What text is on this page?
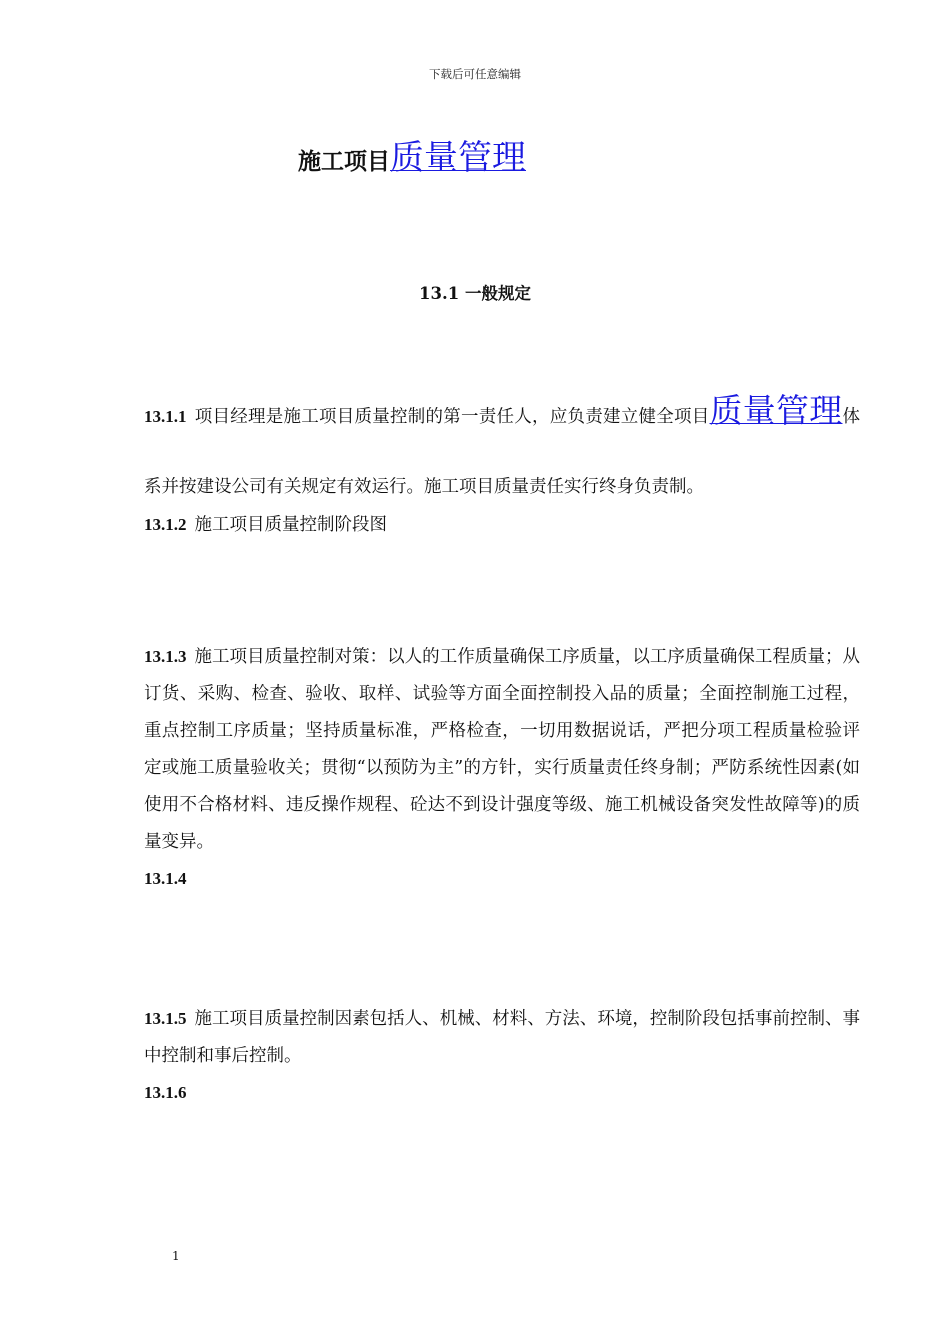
下载后可任意编辑
施工项目质量管理
13.1 一般规定
13.1.1 项目经理是施工项目质量控制的第一责任人，应负责建立健全项目质量管理体系并按建设公司有关规定有效运行。施工项目质量责任实行终身负责制。
13.1.2 施工项目质量控制阶段图
13.1.3 施工项目质量控制对策：以人的工作质量确保工序质量，以工序质量确保工程质量；从订货、采购、检查、验收、取样、试验等方面全面控制投入品的质量；全面控制施工过程，重点控制工序质量；坚持质量标准，严格检查，一切用数据说话，严把分项工程质量检验评定或施工质量验收关；贯彻“以预防为主”的方针，实行质量责任终身制；严防系统性因素(如使用不合格材料、违反操作规程、砼达不到设计强度等级、施工机械设备突发性故障等)的质量变异。
13.1.4
13.1.5 施工项目质量控制因素包括人、机械、材料、方法、环境，控制阶段包括事前控制、事中控制和事后控制。
13.1.6
1
